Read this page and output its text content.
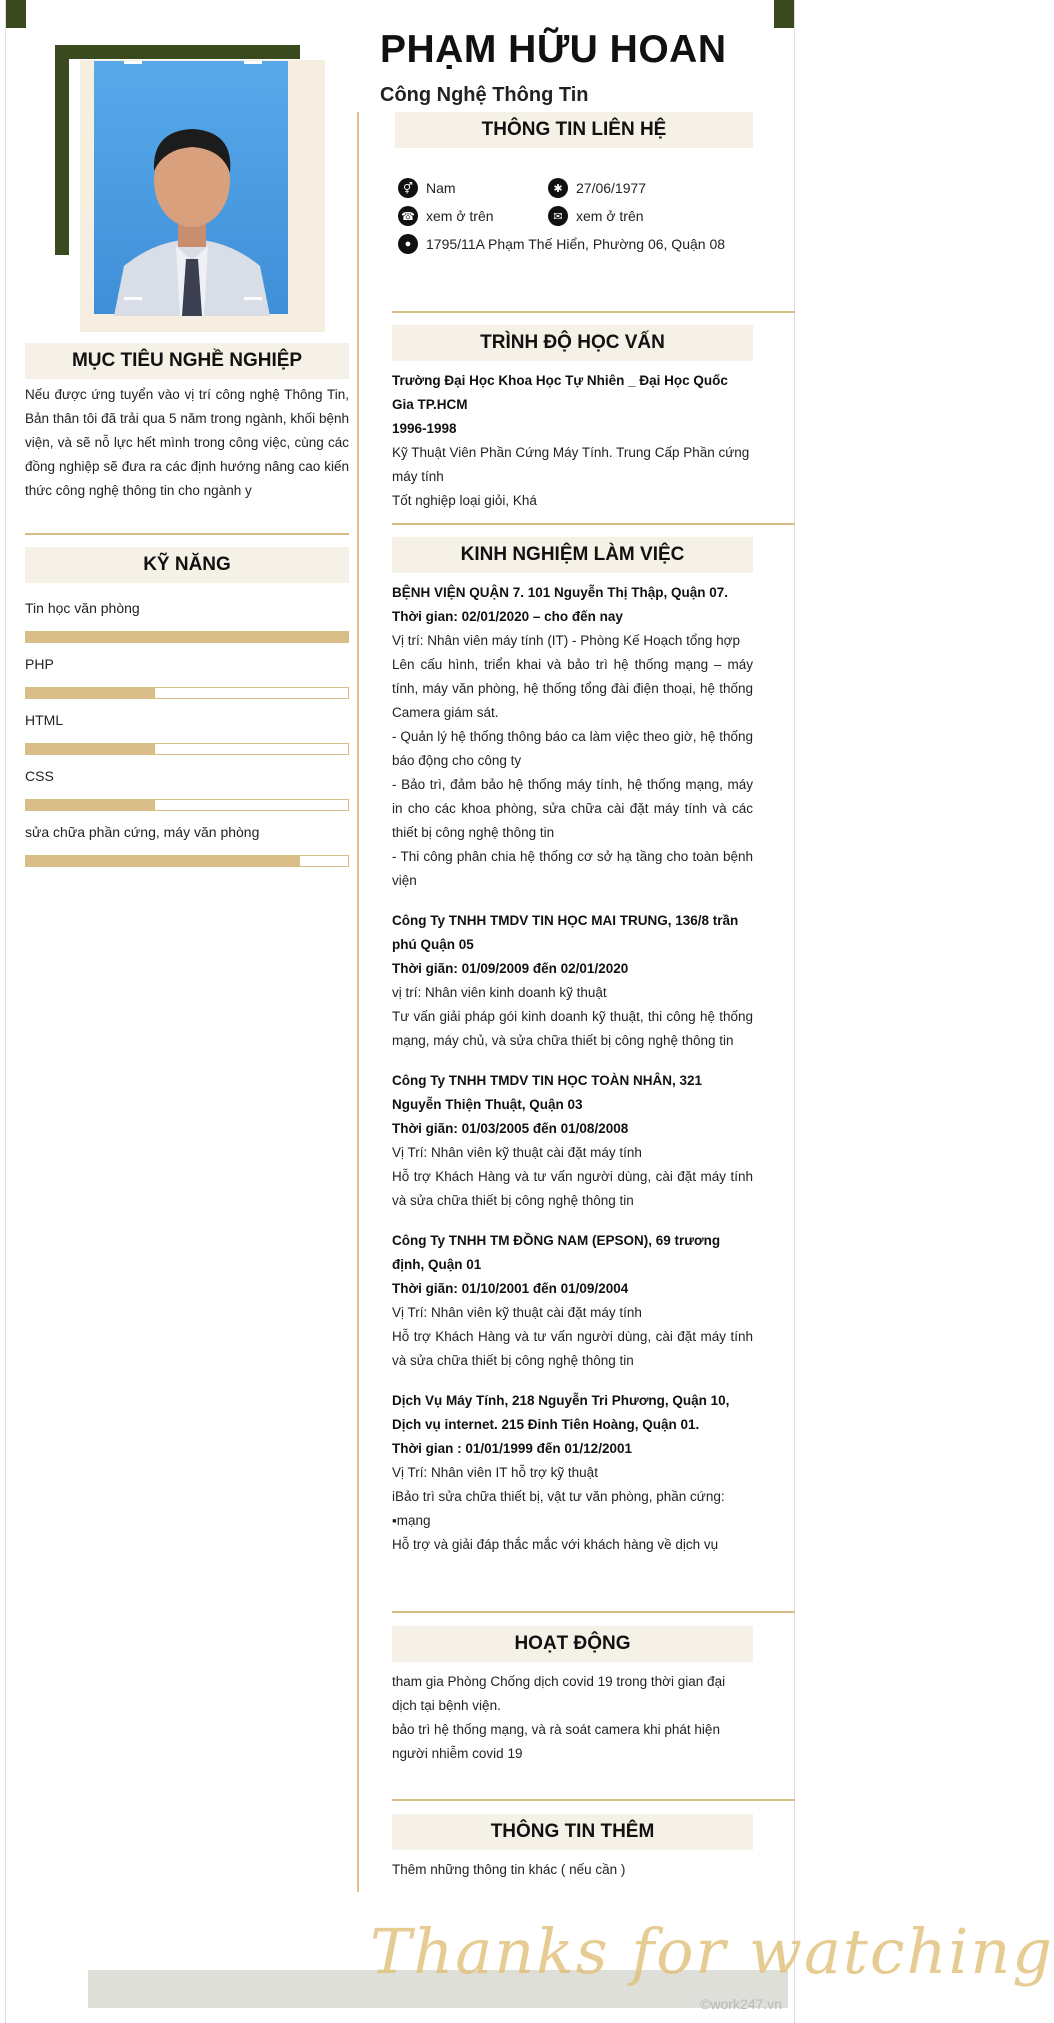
PHẠM HỮU HOAN
Công Nghệ Thông Tin
THÔNG TIN LIÊN HỆ
⚥ Nam	✱ 27/06/1977
☎ xem ở trên	✉ xem ở trên
●	1795/11A Phạm Thế Hiển, Phường 06, Quận 08
MỤC TIÊU NGHỀ NGHIỆP
Nếu được ứng tuyển vào vị trí công nghệ Thông Tin, Bản thân tôi đã trải qua 5 năm trong ngành, khối bệnh viện, và sẽ nỗ lực hết mình trong công việc, cùng các đồng nghiệp sẽ đưa ra các định hướng nâng cao kiến thức công nghệ thông tin cho ngành y
KỸ NĂNG
Tin học văn phòng
PHP
HTML
CSS
sửa chữa phần cứng, máy văn phòng
TRÌNH ĐỘ HỌC VẤN
Trường Đại Học Khoa Học Tự Nhiên _ Đại Học Quốc Gia TP.HCM
1996-1998
Kỹ Thuật Viên Phần Cứng Máy Tính. Trung Cấp Phần cứng máy tính
Tốt nghiệp loại giỏi, Khá
KINH NGHIỆM LÀM VIỆC
BỆNH VIỆN QUẬN 7. 101 Nguyễn Thị Thập, Quận 07.
Thời gian: 02/01/2020 – cho đến nay
Vị trí: Nhân viên máy tính (IT) - Phòng Kế Hoạch tổng hợp
Lên cấu hình, triển khai và bảo trì hệ thống mạng – máy tính, máy văn phòng, hệ thống tổng đài điện thoại, hệ thống Camera giám sát.
- Quản lý hệ thống thông báo ca làm việc theo giờ, hệ thống báo động cho công ty
- Bảo trì, đảm bảo hệ thống máy tính, hệ thống mạng, máy in cho các khoa phòng, sửa chữa cài đặt máy tính và các thiết bị công nghệ thông tin
- Thi công phân chia hệ thống cơ sở hạ tầng cho toàn bệnh viện
Công Ty TNHH TMDV TIN HỌC MAI TRUNG, 136/8 trần phú Quận 05
Thời giãn: 01/09/2009 đến 02/01/2020
vị trí: Nhân viên kinh doanh kỹ thuật
Tư vấn giải pháp gói kinh doanh kỹ thuật, thi công hệ thống mạng, máy chủ, và sửa chữa thiết bị công nghệ thông tin
Công Ty TNHH TMDV TIN HỌC TOÀN NHÂN, 321 Nguyễn Thiện Thuật, Quận 03
Thời giãn: 01/03/2005 đến 01/08/2008
Vị Trí: Nhân viên kỹ thuật cài đặt máy tính
Hỗ trợ Khách Hàng và tư vấn người dùng, cài đặt máy tính và sửa chữa thiết bị công nghệ thông tin
Công Ty TNHH TM ĐỒNG NAM (EPSON), 69 trương định, Quận 01
Thời giãn: 01/10/2001 đến 01/09/2004
Vị Trí: Nhân viên kỹ thuật cài đặt máy tính
Hỗ trợ Khách Hàng và tư vấn người dùng, cài đặt máy tính và sửa chữa thiết bị công nghệ thông tin
Dịch Vụ Máy Tính, 218 Nguyễn Tri Phương, Quận 10, Dịch vụ internet. 215 Đinh Tiên Hoàng, Quận 01.
Thời gian : 01/01/1999 đến 01/12/2001
Vị Trí: Nhân viên IT hỗ trợ kỹ thuật
iBảo trì sửa chữa thiết bị, vật tư văn phòng, phần cứng:
▪mạng
Hỗ trợ và giải đáp thắc mắc với khách hàng về dịch vụ
HOẠT ĐỘNG
tham gia Phòng Chống dịch covid 19 trong thời gian đại dịch tại bệnh viện.
bảo trì hệ thống mạng, và rà soát camera khi phát hiện người nhiễm covid 19
THÔNG TIN THÊM
Thêm những thông tin khác ( nếu cần )
Thanks for watching
©work247.vn
